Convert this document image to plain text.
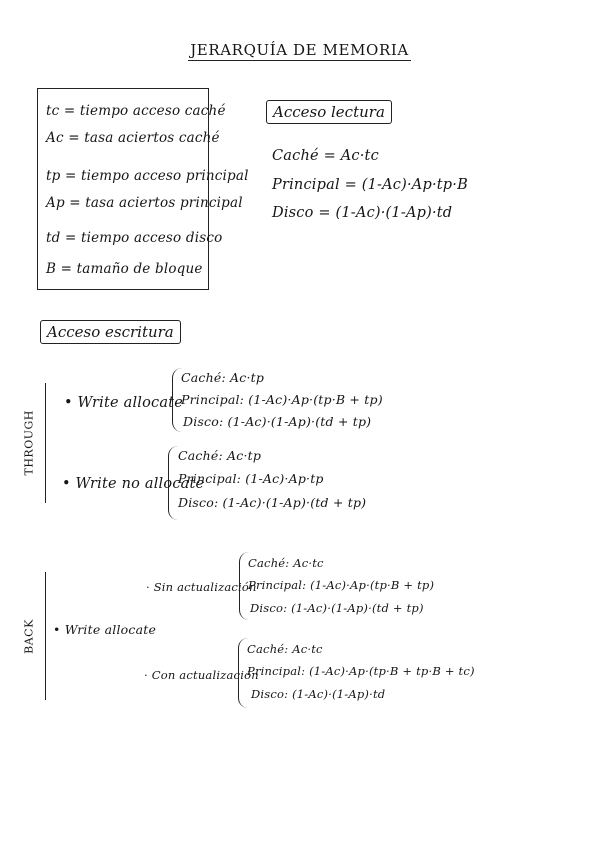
JERARQUÍA DE MEMORIA
tc = tiempo acceso caché
Ac = tasa aciertos caché
tp = tiempo acceso principal
Ap = tasa aciertos principal
td = tiempo acceso disco
B = tamaño de bloque
Acceso lectura
Caché = Ac·tc
Principal = (1-Ac)·Ap·tp·B
Disco = (1-Ac)·(1-Ap)·td
Acceso escritura
THROUGH
• Write allocate
Caché: Ac·tp
Principal: (1-Ac)·Ap·(tp·B + tp)
Disco: (1-Ac)·(1-Ap)·(td + tp)
• Write no allocate
Caché: Ac·tp
Principal: (1-Ac)·Ap·tp
Disco: (1-Ac)·(1-Ap)·(td + tp)
BACK • Write allocate
· Sin actualización
Caché: Ac·tc
Principal: (1-Ac)·Ap·(tp·B + tp)
Disco: (1-Ac)·(1-Ap)·(td + tp)
· Con actualización
Caché: Ac·tc
Principal: (1-Ac)·Ap·(tp·B + tp·B + tc)
Disco: (1-Ac)·(1-Ap)·td
